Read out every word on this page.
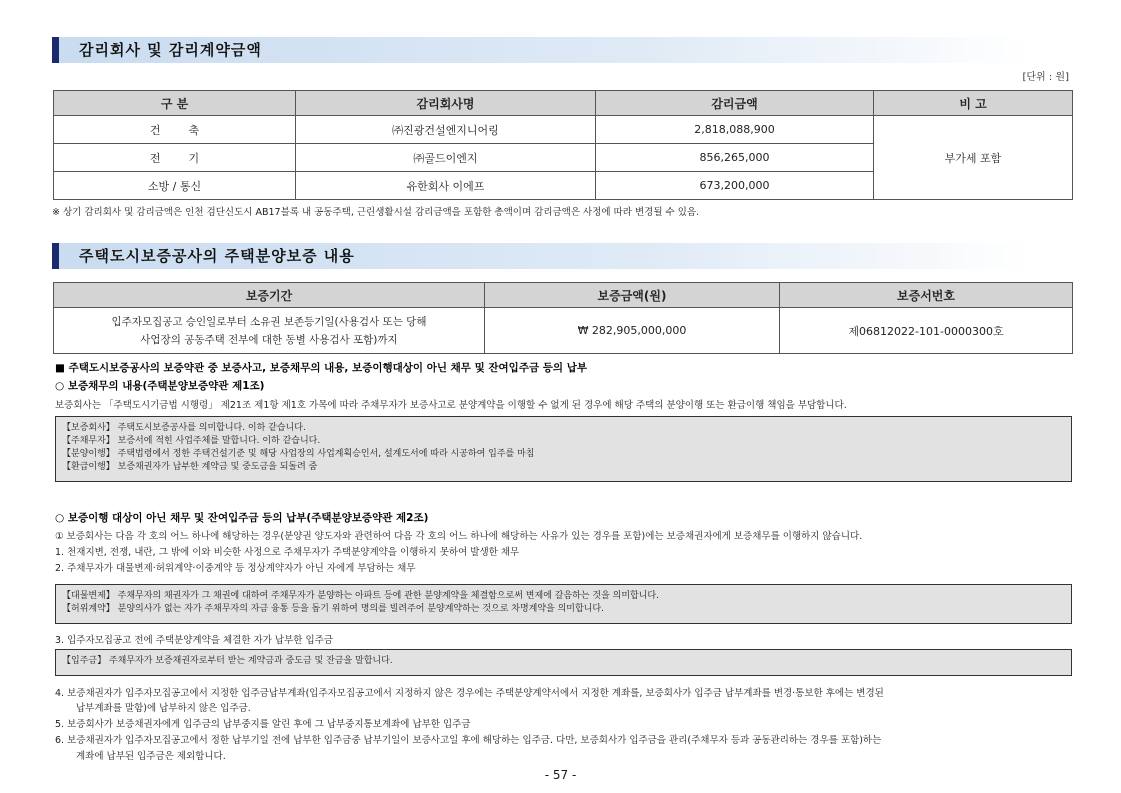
감리회사 및 감리계약금액
[단위 : 원]
구 분	감리회사명	감리금액	비 고
건        축	㈜진광건설엔지니어링	2,818,088,900	부가세 포함
전        기	㈜골드이엔지	856,265,000	
소방 / 통신	유한회사 이에프	673,200,000	
※ 상기 감리회사 및 감리금액은 인천 검단신도시 AB17블록 내 공동주택, 근린생활시설 감리금액을 포함한 총액이며 감리금액은 사정에 따라 변경될 수 있음.
주택도시보증공사의 주택분양보증 내용
보증기간	보증금액(원)	보증서번호

입주자모집공고 승인일로부터 소유권 보존등기일(사용검사 또는 당해
사업장의 공동주택 전부에 대한 동별 사용검사 포함)까지	₩ 282,905,000,000	제06812022-101-0000300호
■ 주택도시보증공사의 보증약관 중 보증사고, 보증채무의 내용, 보증이행대상이 아닌 채무 및 잔여입주금 등의 납부
○ 보증채무의 내용(주택분양보증약관 제1조)
보증회사는 「주택도시기금법 시행령」 제21조 제1항 제1호 가목에 따라 주채무자가 보증사고로 분양계약을 이행할 수 없게 된 경우에 해당 주택의 분양이행 또는 환급이행 책임을 부담합니다.
【보증회사】 주택도시보증공사를 의미합니다. 이하 같습니다.
【주채무자】 보증서에 적힌 사업주체를 말합니다. 이하 같습니다.
【분양이행】 주택법령에서 정한 주택건설기준 및 해당 사업장의 사업계획승인서, 설계도서에 따라 시공하여 입주를 마침
【환급이행】 보증채권자가 납부한 계약금 및 중도금을 되돌려 줌
○ 보증이행 대상이 아닌 채무 및 잔여입주금 등의 납부(주택분양보증약관 제2조)
① 보증회사는 다음 각 호의 어느 하나에 해당하는 경우(분양권 양도자와 관련하여 다음 각 호의 어느 하나에 해당하는 사유가 있는 경우를 포함)에는 보증채권자에게 보증채무를 이행하지 않습니다.
1. 천재지변, 전쟁, 내란, 그 밖에 이와 비슷한 사정으로 주채무자가 주택분양계약을 이행하지 못하여 발생한 채무
2. 주채무자가 대물변제·허위계약·이중계약 등 정상계약자가 아닌 자에게 부담하는 채무
【대물변제】 주채무자의 채권자가 그 채권에 대하여 주채무자가 분양하는 아파트 등에 관한 분양계약을 체결함으로써 변제에 갈음하는 것을 의미합니다.
【허위계약】 분양의사가 없는 자가 주채무자의 자금 융통 등을 돕기 위하여 명의를 빌려주어 분양계약하는 것으로 차명계약을 의미합니다.
3. 입주자모집공고 전에 주택분양계약을 체결한 자가 납부한 입주금
【입주금】 주채무자가 보증채권자로부터 받는 계약금과 중도금 및 잔금을 말합니다.
4. 보증채권자가 입주자모집공고에서 지정한 입주금납부계좌(입주자모집공고에서 지정하지 않은 경우에는 주택분양계약서에서 지정한 계좌를, 보증회사가 입주금 납부계좌를 변경·통보한 후에는 변경된
납부계좌를 말함)에 납부하지 않은 입주금.
5. 보증회사가 보증채권자에게 입주금의 납부중지를 알린 후에 그 납부중지통보계좌에 납부한 입주금
6. 보증채권자가 입주자모집공고에서 정한 납부기일 전에 납부한 입주금중 납부기일이 보증사고일 후에 해당하는 입주금. 다만, 보증회사가 입주금을 관리(주채무자 등과 공동관리하는 경우를 포함)하는
계좌에 납부된 입주금은 제외합니다.
- 57 -
